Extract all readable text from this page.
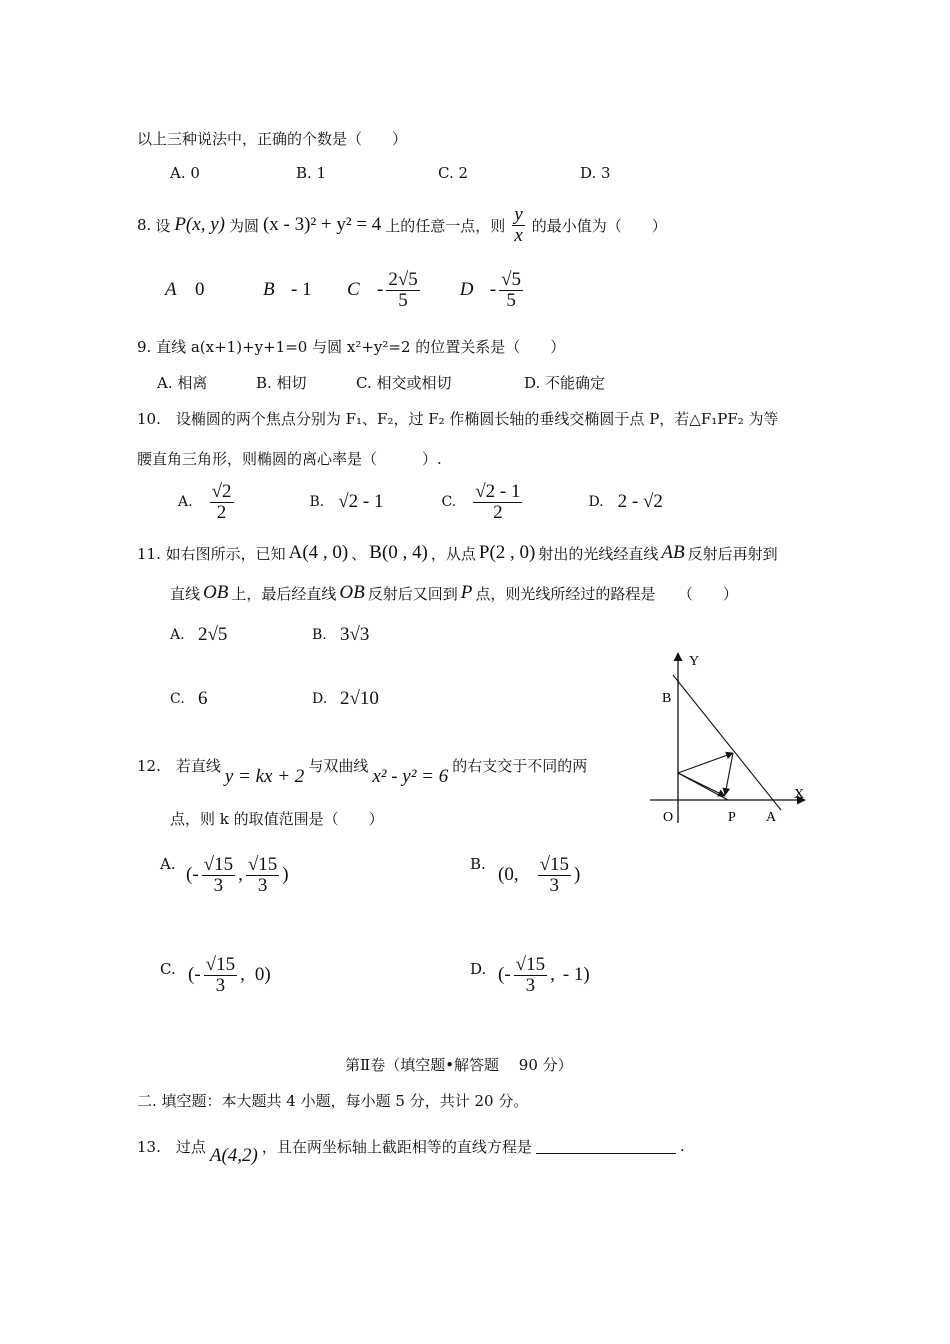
以上三种说法中，正确的个数是（　　）
A. 0	B. 1	C. 2	D. 3
8. 设 P(x, y) 为圆 (x - 3)² + y² = 4 上的任意一点，则 $\frac{y}{x}$ 的最小值为（　　）
A 0	B - 1	C - $\frac{2√5}{5}$ D - $\frac{√5}{5}$
9. 直线 a(x+1)+y+1=0 与圆 x²+y²=2 的位置关系是（　　）
A. 相离	B. 相切	C. 相交或相切	D. 不能确定
10.　设椭圆的两个焦点分别为 F₁、F₂，过 F₂ 作椭圆长轴的垂线交椭圆于点 P，若△F₁PF₂ 为等
腰直角三角形，则椭圆的离心率是（　　　）.
A. $\frac{√2}{2}$	B. √2 - 1	C. $\frac{√2 - 1}{2}$	D. 2 - √2
11. 如右图所示，已知 A(4 , 0) 、 B(0 , 4) ，从点 P(2 , 0) 射出的光线经直线 AB 反射后再射到
直线 OB 上，最后经直线 OB 反射后又回到 P 点，则光线所经过的路程是　　（　　）
A. 2√5	B. 3√3
C. 6	D. 2√10
Y
X
B
O	P A
12.　若直线
y = kx + 2
与双曲线
x² - y² = 6
的右支交于不同的两
点，则 k 的取值范围是（　　）
A.
(- $\frac{√15}{3}$ , $\frac{√15}{3}$ )
B.
( 0 , $\frac{√15}{3}$ )
C. (- $\frac{√15}{3}$ , 0 )	D. (- $\frac{√15}{3}$ , - 1 )
第Ⅱ卷（填空题•解答题　 90 分）
二. 填空题：本大题共 4 小题，每小题 5 分，共计 20 分。
13.　过点 A(4,2) ，且在两坐标轴上截距相等的直线方程是	.
